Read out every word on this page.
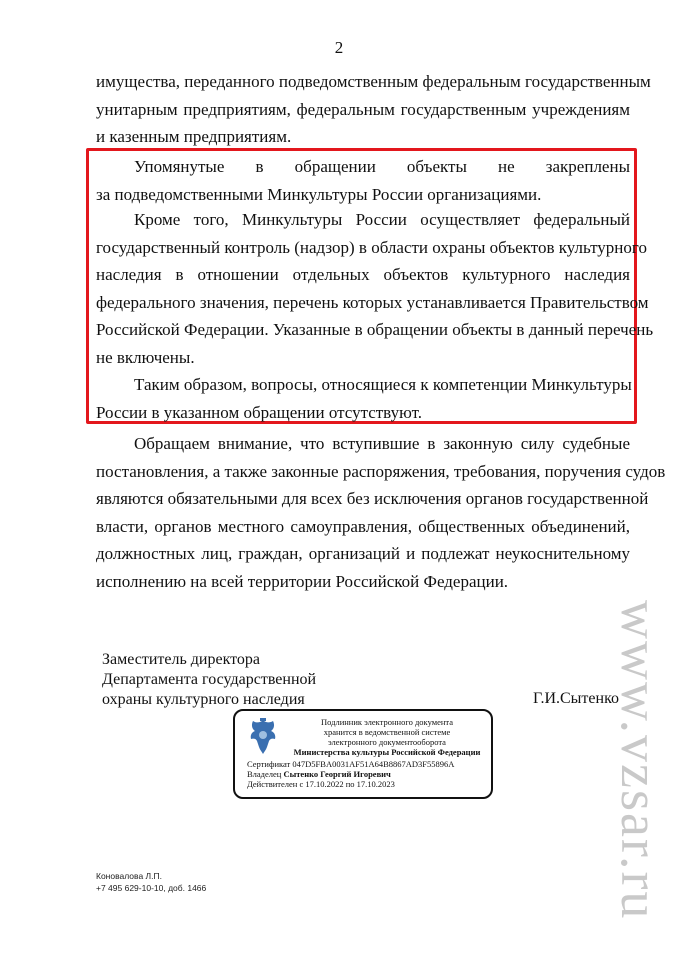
2
имущества, переданного подведомственным федеральным государственным
унитарным предприятиям, федеральным государственным учреждениям
и казенным предприятиям.
Упомянутые в обращении объекты не закреплены
за подведомственными Минкультуры России организациями.
Кроме того, Минкультуры России осуществляет федеральный
государственный контроль (надзор) в области охраны объектов культурного
наследия в отношении отдельных объектов культурного наследия
федерального значения, перечень которых устанавливается Правительством
Российской Федерации. Указанные в обращении объекты в данный перечень
не включены.
Таким образом, вопросы, относящиеся к компетенции Минкультуры
России в указанном обращении отсутствуют.
Обращаем внимание, что вступившие в законную силу судебные
постановления, а также законные распоряжения, требования, поручения судов
являются обязательными для всех без исключения органов государственной
власти, органов местного самоуправления, общественных объединений,
должностных лиц, граждан, организаций и подлежат неукоснительному
исполнению на всей территории Российской Федерации.
Заместитель директора
Департамента государственной
охраны культурного наследия	Г.И.Сытенко
Подлинник электронного документа
хранится в ведомственной системе
электронного документооборота
Министерства культуры Российской Федерации
Сертификат 047D5FBA0031AF51A64B8867AD3F55896A
Владелец Сытенко Георгий Игоревич
Действителен с 17.10.2022 по 17.10.2023
Коновалова Л.П.
+7 495 629-10-10, доб. 1466	www.vzsar.ru
